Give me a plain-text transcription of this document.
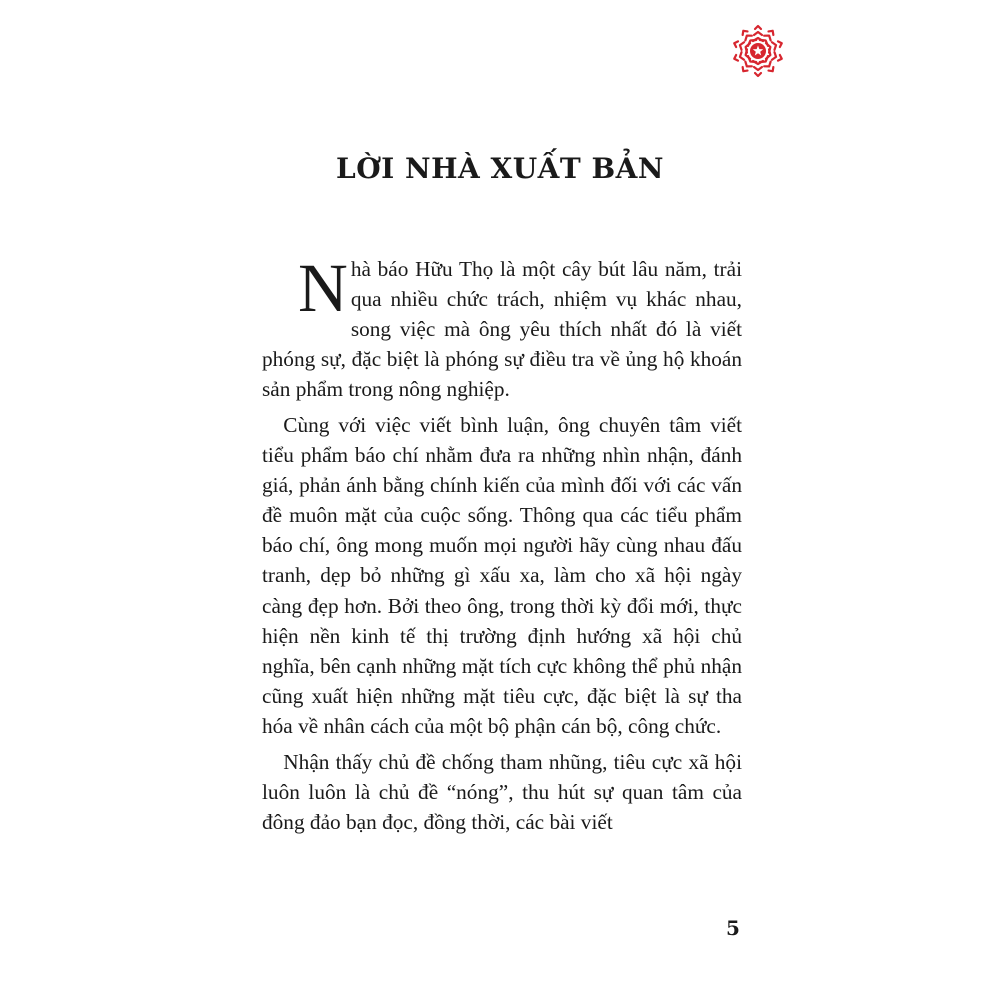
LỜI NHÀ XUẤT BẢN

Nhà báo Hữu Thọ là một cây bút lâu năm, trải qua nhiều chức trách, nhiệm vụ khác nhau, song việc mà ông yêu thích nhất đó là viết phóng sự, đặc biệt là phóng sự điều tra về ủng hộ khoán sản phẩm trong nông nghiệp.

Cùng với việc viết bình luận, ông chuyên tâm viết tiểu phẩm báo chí nhằm đưa ra những nhìn nhận, đánh giá, phản ánh bằng chính kiến của mình đối với các vấn đề muôn mặt của cuộc sống. Thông qua các tiểu phẩm báo chí, ông mong muốn mọi người hãy cùng nhau đấu tranh, dẹp bỏ những gì xấu xa, làm cho xã hội ngày càng đẹp hơn. Bởi theo ông, trong thời kỳ đổi mới, thực hiện nền kinh tế thị trường định hướng xã hội chủ nghĩa, bên cạnh những mặt tích cực không thể phủ nhận cũng xuất hiện những mặt tiêu cực, đặc biệt là sự tha hóa về nhân cách của một bộ phận cán bộ, công chức.

Nhận thấy chủ đề chống tham nhũng, tiêu cực xã hội luôn luôn là chủ đề “nóng”, thu hút sự quan tâm của đông đảo bạn đọc, đồng thời, các bài viết

5
